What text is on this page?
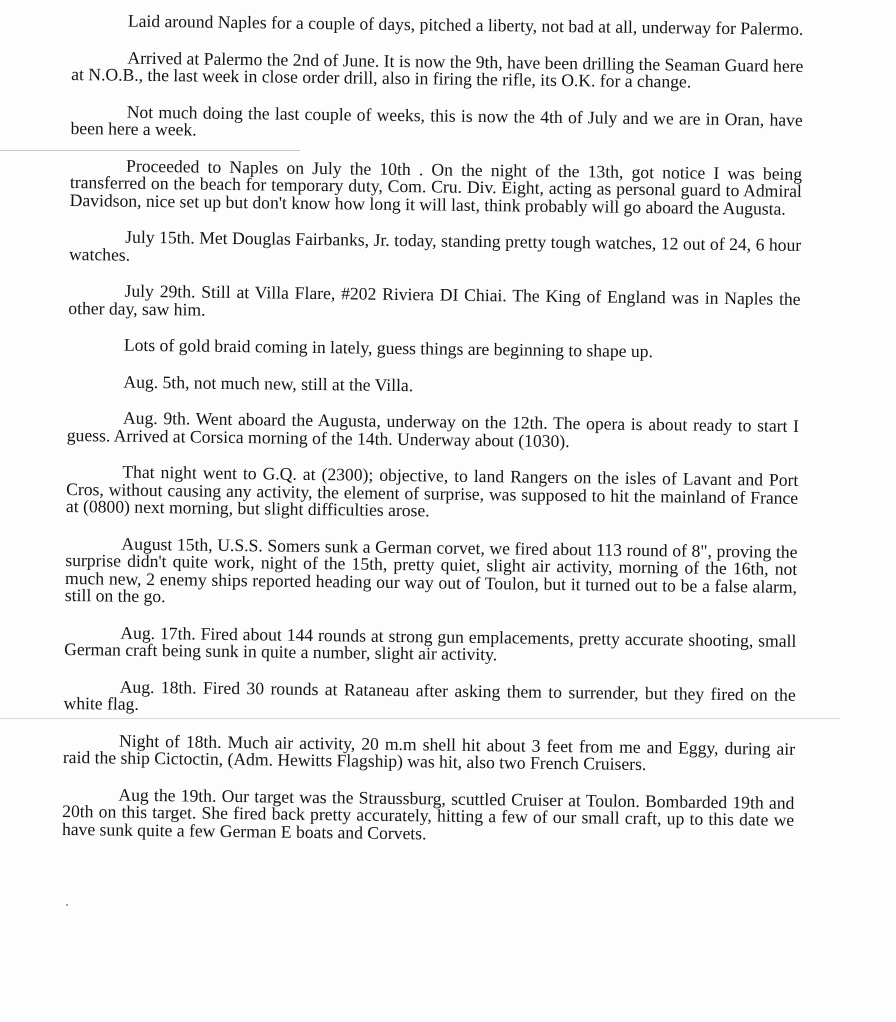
Laid around Naples for a couple of days, pitched a liberty, not bad at all, underway for Palermo.

Arrived at Palermo the 2nd of June. It is now the 9th, have been drilling the Seaman Guard here at N.O.B., the last week in close order drill, also in firing the rifle, its O.K. for a change.

Not much doing the last couple of weeks, this is now the 4th of July and we are in Oran, have been here a week.

Proceeded to Naples on July the 10th . On the night of the 13th, got notice I was being transferred on the beach for temporary duty, Com. Cru. Div. Eight, acting as personal guard to Admiral Davidson, nice set up but don't know how long it will last, think probably will go aboard the Augusta.

July 15th. Met Douglas Fairbanks, Jr. today, standing pretty tough watches, 12 out of 24, 6 hour watches.

July 29th. Still at Villa Flare, #202 Riviera DI Chiai. The King of England was in Naples the other day, saw him.

Lots of gold braid coming in lately, guess things are beginning to shape up.

Aug. 5th, not much new, still at the Villa.

Aug. 9th. Went aboard the Augusta, underway on the 12th. The opera is about ready to start I guess. Arrived at Corsica morning of the 14th. Underway about (1030).

That night went to G.Q. at (2300); objective, to land Rangers on the isles of Lavant and Port Cros, without causing any activity, the element of surprise, was supposed to hit the mainland of France at (0800) next morning, but slight difficulties arose.

August 15th, U.S.S. Somers sunk a German corvet, we fired about 113 round of 8", proving the surprise didn't quite work, night of the 15th, pretty quiet, slight air activity, morning of the 16th, not much new, 2 enemy ships reported heading our way out of Toulon, but it turned out to be a false alarm, still on the go.

Aug. 17th. Fired about 144 rounds at strong gun emplacements, pretty accurate shooting, small German craft being sunk in quite a number, slight air activity.

Aug. 18th. Fired 30 rounds at Rataneau after asking them to surrender, but they fired on the white flag.

Night of 18th. Much air activity, 20 m.m shell hit about 3 feet from me and Eggy, during air raid the ship Cictoctin, (Adm. Hewitts Flagship) was hit, also two French Cruisers.

Aug the 19th. Our target was the Straussburg, scuttled Cruiser at Toulon. Bombarded 19th and 20th on this target. She fired back pretty accurately, hitting a few of our small craft, up to this date we have sunk quite a few German E boats and Corvets.
